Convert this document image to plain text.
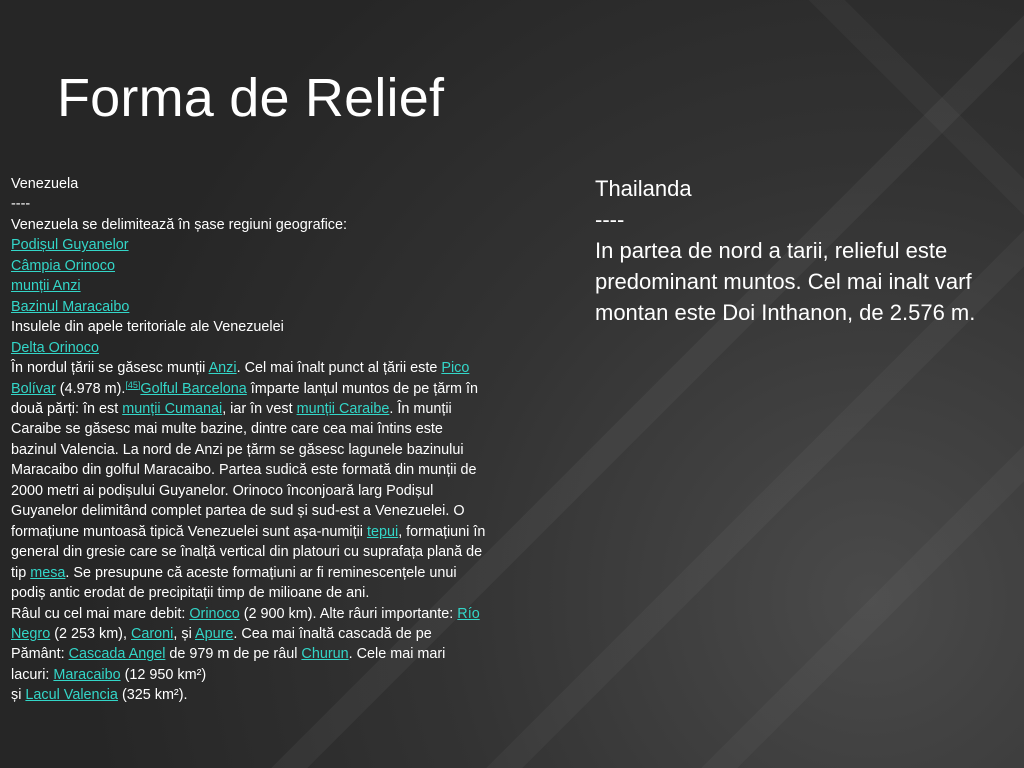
Forma de Relief

Venezuela

----

Venezuela se delimitează în șase regiuni geografice:

Podișul Guyanelor

Câmpia Orinoco

munții Anzi

Bazinul Maracaibo

Insulele din apele teritoriale ale Venezuelei

Delta Orinoco

În nordul țării se găsesc munții Anzi. Cel mai înalt punct al țării este Pico Bolívar (4.978 m).[45]Golful Barcelona împarte lanțul muntos de pe țărm în două părți: în est munții Cumanai, iar în vest munții Caraibe. În munții Caraibe se găsesc mai multe bazine, dintre care cea mai întins este bazinul Valencia. La nord de Anzi pe țărm se găsesc lagunele bazinului Maracaibo din golful Maracaibo. Partea sudică este formată din munții de 2000 metri ai podișului Guyanelor. Orinoco înconjoară larg Podișul Guyanelor delimitând complet partea de sud și sud-est a Venezuelei. O formațiune muntoasă tipică Venezuelei sunt așa-numiții tepui, formațiuni în general din gresie care se înalță vertical din platouri cu suprafața plană de tip mesa. Se presupune că aceste formațiuni ar fi reminescențele unui podiș antic erodat de precipitații timp de milioane de ani.

Râul cu cel mai mare debit: Orinoco (2 900 km). Alte râuri importante: Río Negro (2 253 km), Caroni, și Apure. Cea mai înaltă cascadă de pe Pământ: Cascada Angel de 979 m de pe râul Churun. Cele mai mari lacuri: Maracaibo (12 950 km²)
și Lacul Valencia (325 km²).

Thailanda

----

In partea de nord a tarii, relieful este predominant muntos. Cel mai inalt varf montan este Doi Inthanon, de 2.576 m.
